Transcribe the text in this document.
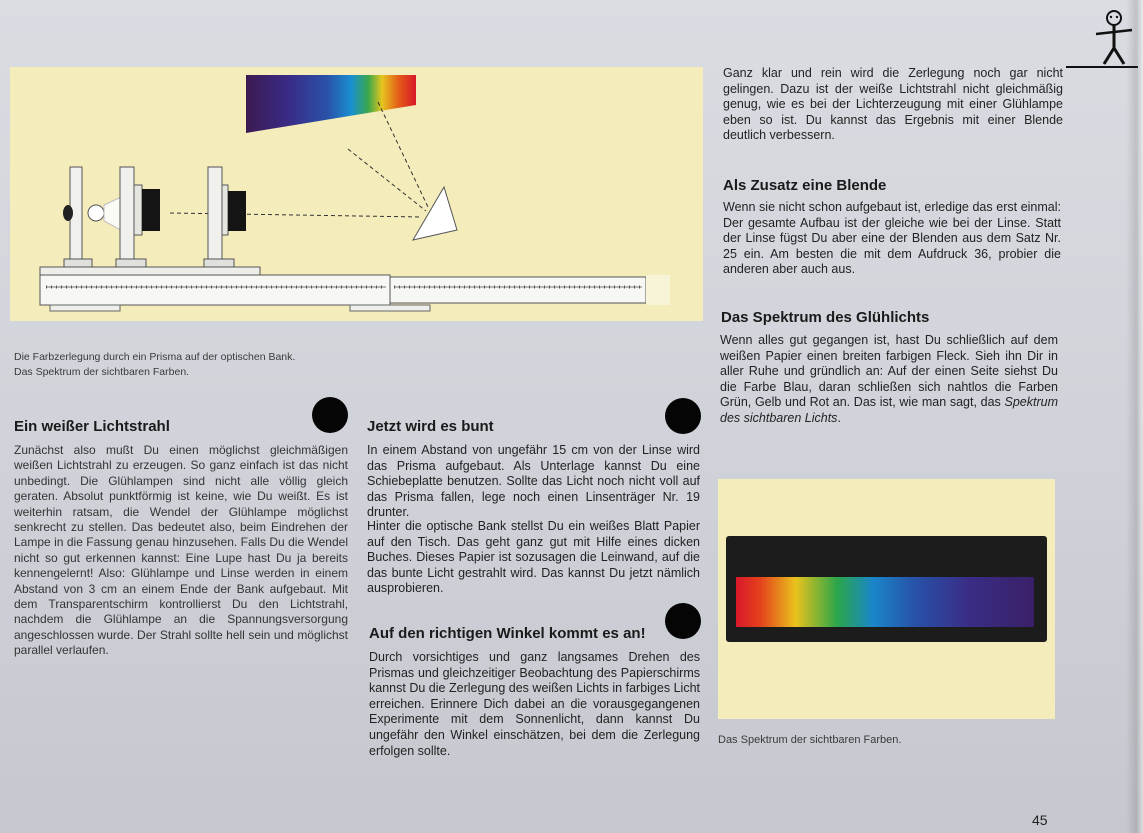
Die Farbzerlegung durch ein Prisma auf der optischen Bank.
Das Spektrum der sichtbaren Farben.
Ganz klar und rein wird die Zerlegung noch gar nicht gelingen. Dazu ist der weiße Lichtstrahl nicht gleichmäßig genug, wie es bei der Lichterzeugung mit einer Glühlampe eben so ist. Du kannst das Ergebnis mit einer Blende deutlich verbessern.
Als Zusatz eine Blende
Wenn sie nicht schon aufgebaut ist, erledige das erst einmal: Der gesamte Aufbau ist der gleiche wie bei der Linse. Statt der Linse fügst Du aber eine der Blenden aus dem Satz Nr. 25 ein. Am besten die mit dem Aufdruck 36, probier die anderen aber auch aus.
Das Spektrum des Glühlichts
Wenn alles gut gegangen ist, hast Du schließlich auf dem weißen Papier einen breiten farbigen Fleck. Sieh ihn Dir in aller Ruhe und gründlich an: Auf der einen Seite siehst Du die Farbe Blau, daran schließen sich nahtlos die Farben Grün, Gelb und Rot an. Das ist, wie man sagt, das Spektrum des sichtbaren Lichts.
Das Spektrum der sichtbaren Farben.
Ein weißer Lichtstrahl
Zunächst also mußt Du einen möglichst gleichmäßigen weißen Lichtstrahl zu erzeugen. So ganz einfach ist das nicht unbedingt. Die Glühlampen sind nicht alle völlig gleich geraten. Absolut punktförmig ist keine, wie Du weißt. Es ist weiterhin ratsam, die Wendel der Glühlampe möglichst senkrecht zu stellen. Das bedeutet also, beim Eindrehen der Lampe in die Fassung genau hinzusehen. Falls Du die Wendel nicht so gut erkennen kannst: Eine Lupe hast Du ja bereits kennengelernt! Also: Glühlampe und Linse werden in einem Abstand von 3 cm an einem Ende der Bank aufgebaut. Mit dem Transparentschirm kontrollierst Du den Lichtstrahl, nachdem die Glühlampe an die Spannungsversorgung angeschlossen wurde. Der Strahl sollte hell sein und möglichst parallel verlaufen.
Jetzt wird es bunt
In einem Abstand von ungefähr 15 cm von der Linse wird das Prisma aufgebaut. Als Unterlage kannst Du eine Schiebeplatte benutzen. Sollte das Licht noch nicht voll auf das Prisma fallen, lege noch einen Linsenträger Nr. 19 drunter.
Hinter die optische Bank stellst Du ein weißes Blatt Papier auf den Tisch. Das geht ganz gut mit Hilfe eines dicken Buches. Dieses Papier ist sozusagen die Leinwand, auf die das bunte Licht gestrahlt wird. Das kannst Du jetzt nämlich ausprobieren.
Auf den richtigen Winkel kommt es an!
Durch vorsichtiges und ganz langsames Drehen des Prismas und gleichzeitiger Beobachtung des Papierschirms kannst Du die Zerlegung des weißen Lichts in farbiges Licht erreichen. Erinnere Dich dabei an die vorausgegangenen Experimente mit dem Sonnenlicht, dann kannst Du ungefähr den Winkel einschätzen, bei dem die Zerlegung erfolgen sollte.
45
